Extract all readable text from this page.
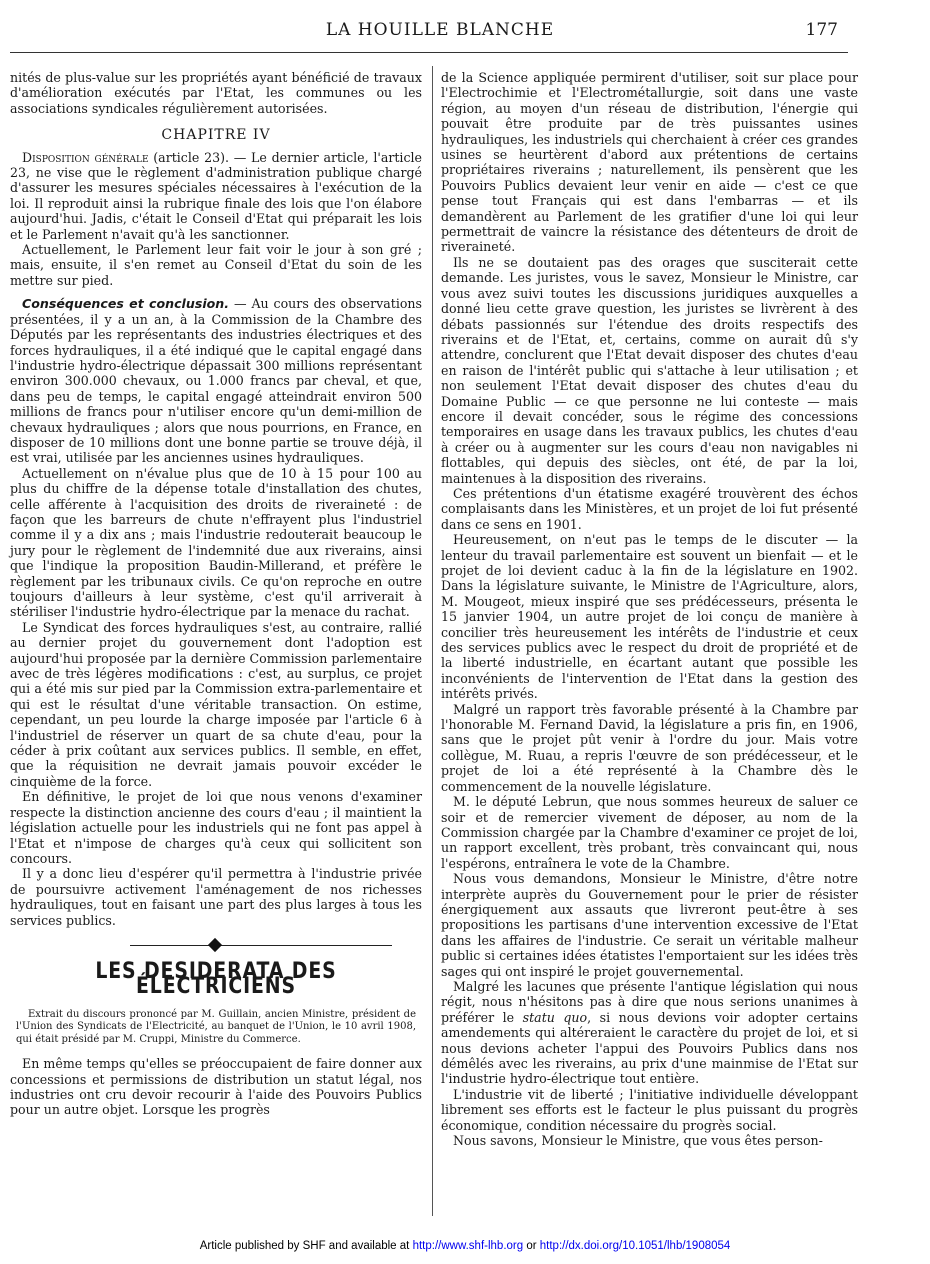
LA HOUILLE BLANCHE	177

nités de plus-value sur les propriétés ayant bénéficié de travaux d'amélioration exécutés par l'Etat, les communes ou les associations syndicales régulièrement autorisées.

CHAPITRE IV

Disposition générale (article 23). — Le dernier article, l'article 23, ne vise que le règlement d'administration publique chargé d'assurer les mesures spéciales nécessaires à l'exécution de la loi. Il reproduit ainsi la rubrique finale des lois que l'on élabore aujourd'hui. Jadis, c'était le Conseil d'Etat qui préparait les lois et le Parlement n'avait qu'à les sanctionner.

Actuellement, le Parlement leur fait voir le jour à son gré ; mais, ensuite, il s'en remet au Conseil d'Etat du soin de les mettre sur pied.

Conséquences et conclusion. — Au cours des observations présentées, il y a un an, à la Commission de la Chambre des Députés par les représentants des industries électriques et des forces hydrauliques, il a été indiqué que le capital engagé dans l'industrie hydro-électrique dépassait 300 millions représentant environ 300.000 chevaux, ou 1.000 francs par cheval, et que, dans peu de temps, le capital engagé atteindrait environ 500 millions de francs pour n'utiliser encore qu'un demi-million de chevaux hydrauliques ; alors que nous pourrions, en France, en disposer de 10 millions dont une bonne partie se trouve déjà, il est vrai, utilisée par les anciennes usines hydrauliques.

Actuellement on n'évalue plus que de 10 à 15 pour 100 au plus du chiffre de la dépense totale d'installation des chutes, celle afférente à l'acquisition des droits de riveraineté : de façon que les barreurs de chute n'effrayent plus l'industriel comme il y a dix ans ; mais l'industrie redouterait beaucoup le jury pour le règlement de l'indemnité due aux riverains, ainsi que l'indique la proposition Baudin-Millerand, et préfère le règlement par les tribunaux civils. Ce qu'on reproche en outre toujours d'ailleurs à leur système, c'est qu'il arriverait à stériliser l'industrie hydro-électrique par la menace du rachat.

Le Syndicat des forces hydrauliques s'est, au contraire, rallié au dernier projet du gouvernement dont l'adoption est aujourd'hui proposée par la dernière Commission parlementaire avec de très légères modifications : c'est, au surplus, ce projet qui a été mis sur pied par la Commission extra-parlementaire et qui est le résultat d'une véritable transaction. On estime, cependant, un peu lourde la charge imposée par l'article 6 à l'industriel de réserver un quart de sa chute d'eau, pour la céder à prix coûtant aux services publics. Il semble, en effet, que la réquisition ne devrait jamais pouvoir excéder le cinquième de la force.

En définitive, le projet de loi que nous venons d'examiner respecte la distinction ancienne des cours d'eau ; il maintient la législation actuelle pour les industriels qui ne font pas appel à l'Etat et n'impose de charges qu'à ceux qui sollicitent son concours.

Il y a donc lieu d'espérer qu'il permettra à l'industrie privée de poursuivre activement l'aménagement de nos richesses hydrauliques, tout en faisant une part des plus larges à tous les services publics.

LES DESIDERATA DES ÉLECTRICIENS
Extrait du discours prononcé par M. Guillain, ancien Ministre, président de l'Union des Syndicats de l'Electricité, au banquet de l'Union, le 10 avril 1908, qui était présidé par M. Cruppi, Ministre du Commerce.

En même temps qu'elles se préoccupaient de faire donner aux concessions et permissions de distribution un statut légal, nos industries ont cru devoir recourir à l'aide des Pouvoirs Publics pour un autre objet. Lorsque les progrès

de la Science appliquée permirent d'utiliser, soit sur place pour l'Electrochimie et l'Electrométallurgie, soit dans une vaste région, au moyen d'un réseau de distribution, l'énergie qui pouvait être produite par de très puissantes usines hydrauliques, les industriels qui cherchaient à créer ces grandes usines se heurtèrent d'abord aux prétentions de certains propriétaires riverains ; naturellement, ils pensèrent que les Pouvoirs Publics devaient leur venir en aide — c'est ce que pense tout Français qui est dans l'embarras — et ils demandèrent au Parlement de les gratifier d'une loi qui leur permettrait de vaincre la résistance des détenteurs de droit de riveraineté.

Ils ne se doutaient pas des orages que susciterait cette demande. Les juristes, vous le savez, Monsieur le Ministre, car vous avez suivi toutes les discussions juridiques auxquelles a donné lieu cette grave question, les juristes se livrèrent à des débats passionnés sur l'étendue des droits respectifs des riverains et de l'Etat, et, certains, comme on aurait dû s'y attendre, conclurent que l'Etat devait disposer des chutes d'eau en raison de l'intérêt public qui s'attache à leur utilisation ; et non seulement l'Etat devait disposer des chutes d'eau du Domaine Public — ce que personne ne lui conteste — mais encore il devait concéder, sous le régime des concessions temporaires en usage dans les travaux publics, les chutes d'eau à créer ou à augmenter sur les cours d'eau non navigables ni flottables, qui depuis des siècles, ont été, de par la loi, maintenues à la disposition des riverains.

Ces prétentions d'un étatisme exagéré trouvèrent des échos complaisants dans les Ministères, et un projet de loi fut présenté dans ce sens en 1901.

Heureusement, on n'eut pas le temps de le discuter — la lenteur du travail parlementaire est souvent un bienfait — et le projet de loi devient caduc à la fin de la législature en 1902. Dans la législature suivante, le Ministre de l'Agriculture, alors, M. Mougeot, mieux inspiré que ses prédécesseurs, présenta le 15 janvier 1904, un autre projet de loi conçu de manière à concilier très heureusement les intérêts de l'industrie et ceux des services publics avec le respect du droit de propriété et de la liberté industrielle, en écartant autant que possible les inconvénients de l'intervention de l'Etat dans la gestion des intérêts privés.

Malgré un rapport très favorable présenté à la Chambre par l'honorable M. Fernand David, la législature a pris fin, en 1906, sans que le projet pût venir à l'ordre du jour. Mais votre collègue, M. Ruau, a repris l'œuvre de son prédécesseur, et le projet de loi a été représenté à la Chambre dès le commencement de la nouvelle législature.

M. le député Lebrun, que nous sommes heureux de saluer ce soir et de remercier vivement de déposer, au nom de la Commission chargée par la Chambre d'examiner ce projet de loi, un rapport excellent, très probant, très convaincant qui, nous l'espérons, entraînera le vote de la Chambre.

Nous vous demandons, Monsieur le Ministre, d'être notre interprète auprès du Gouvernement pour le prier de résister énergiquement aux assauts que livreront peut-être à ses propositions les partisans d'une intervention excessive de l'Etat dans les affaires de l'industrie. Ce serait un véritable malheur public si certaines idées étatistes l'emportaient sur les idées très sages qui ont inspiré le projet gouvernemental.

Malgré les lacunes que présente l'antique législation qui nous régit, nous n'hésitons pas à dire que nous serions unanimes à préférer le statu quo, si nous devions voir adopter certains amendements qui altéreraient le caractère du projet de loi, et si nous devions acheter l'appui des Pouvoirs Publics dans nos démêlés avec les riverains, au prix d'une mainmise de l'Etat sur l'industrie hydro-électrique tout entière.

L'industrie vit de liberté ; l'initiative individuelle développant librement ses efforts est le facteur le plus puissant du progrès économique, condition nécessaire du progrès social.

Nous savons, Monsieur le Ministre, que vous êtes person-

Article published by SHF and available at http://www.shf-lhb.org or http://dx.doi.org/10.1051/lhb/1908054
